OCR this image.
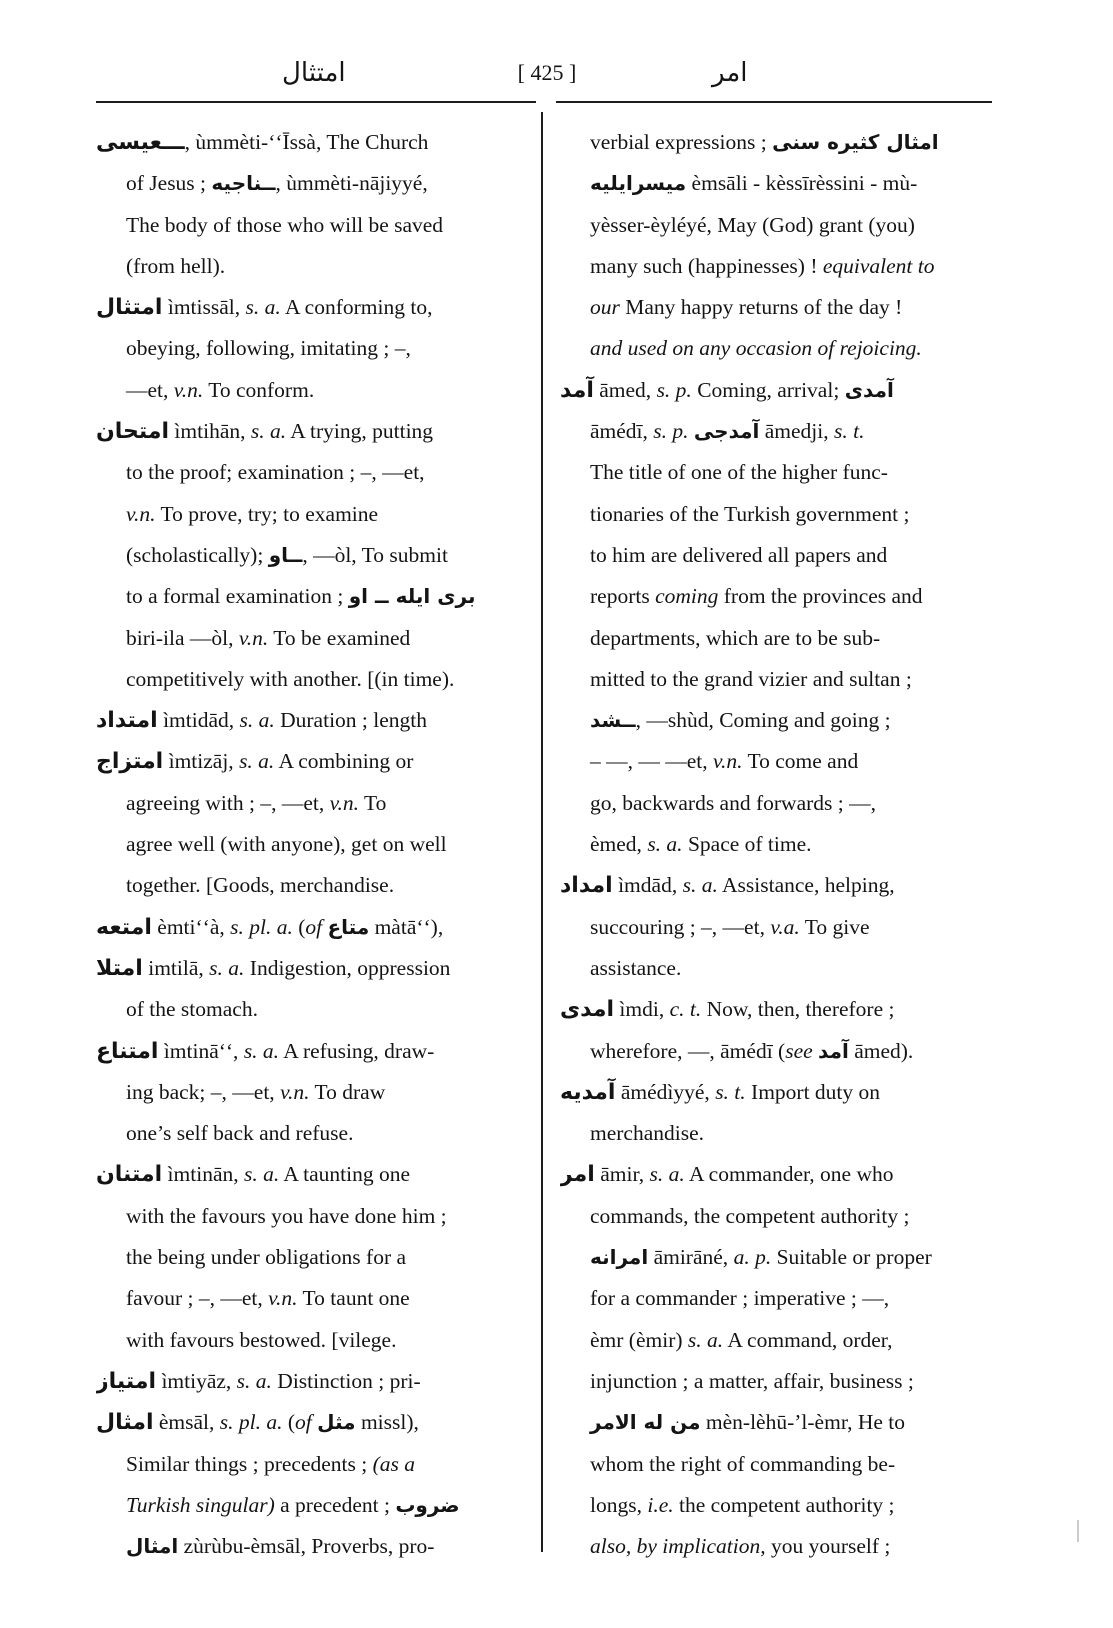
امتثال	[ 425 ]	امر
ـــعیسی, ùmmèti-ʻʻĪssà, The Church
of Jesus ; ــناجیه, ùmmèti-nājiyyé,
The body of those who will be saved
(from hell).
امتثال ìmtissāl, s. a. A conforming to,
obeying, following, imitating ; –,
—et, v.n. To conform.
امتحان ìmtihān, s. a. A trying, putting
to the proof; examination ; –, —et,
v.n. To prove, try; to examine
(scholastically); ــاو, —òl, To submit
to a formal examination ; بری ایله ــ او
biri-ila —òl, v.n. To be examined
competitively with another. [(in time).
امتداد ìmtidād, s. a. Duration ; length
امتزاج ìmtizāj, s. a. A combining or
agreeing with ; –, —et, v.n. To
agree well (with anyone), get on well
together. [Goods, merchandise.
امتعه èmtiʻʻà, s. pl. a. (of متاع màtāʻʻ),
امتلا imtilā, s. a. Indigestion, oppression
of the stomach.
امتناع ìmtināʻʻ, s. a. A refusing, draw-
ing back; –, —et, v.n. To draw
one’s self back and refuse.
امتنان ìmtinān, s. a. A taunting one
with the favours you have done him ;
the being under obligations for a
favour ; –, —et, v.n. To taunt one
with favours bestowed. [vilege.
امتیاز ìmtiyāz, s. a. Distinction ; pri-
امثال èmsāl, s. pl. a. (of مثل missl),
Similar things ; precedents ; (as a
Turkish singular) a precedent ; ضروب
امثال zùrùbu-èmsāl, Proverbs, pro-
verbial expressions ; امثال کثیره سنی
میسرایلیه èmsāli - kèssīrèssini - mù-
yèsser-èyléyé, May (God) grant (you)
many such (happinesses) ! equivalent to
our Many happy returns of the day !
and used on any occasion of rejoicing.
آمد āmed, s. p. Coming, arrival; آمدی
āmédī, s. p. آمدجی āmedji, s. t.
The title of one of the higher func-
tionaries of the Turkish government ;
to him are delivered all papers and
reports coming from the provinces and
departments, which are to be sub-
mitted to the grand vizier and sultan ;
ــشد, —shùd, Coming and going ;
– —, — —et, v.n. To come and
go, backwards and forwards ; —,
èmed, s. a. Space of time.
امداد ìmdād, s. a. Assistance, helping,
succouring ; –, —et, v.a. To give
assistance.
امدی ìmdi, c. t. Now, then, therefore ;
wherefore, —, āmédī (see آمد āmed).
آمدیه āmédìyyé, s. t. Import duty on
merchandise.
امر āmir, s. a. A commander, one who
commands, the competent authority ;
امرانه āmirāné, a. p. Suitable or proper
for a commander ; imperative ; —,
èmr (èmir) s. a. A command, order,
injunction ; a matter, affair, business ;
من له الامر mèn-lèhū-ʼl-èmr, He to
whom the right of commanding be-
longs, i.e. the competent authority ;
also, by implication, you yourself ;
